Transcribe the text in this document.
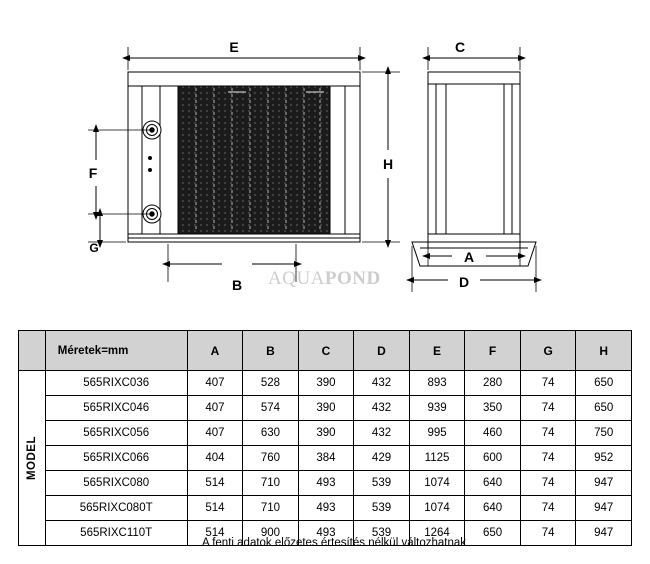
E	C
H
F
G
B
A
D
AQUAPOND
	Méretek=mm	A	B	C	D	E	F	G	H

MODEL	565RIXC036	407	528	390	432	893	280	74	650
	565RIXC046	407	574	390	432	939	350	74	650
	565RIXC056	407	630	390	432	995	460	74	750
	565RIXC066	404	760	384	429	1125	600	74	952
	565RIXC080	514	710	493	539	1074	640	74	947
	565RIXC080T	514	710	493	539	1074	640	74	947
	565RIXC110T	514	900	493	539	1264	650	74	947
A fenti adatok előzetes értesítés nélkül változhatnak
